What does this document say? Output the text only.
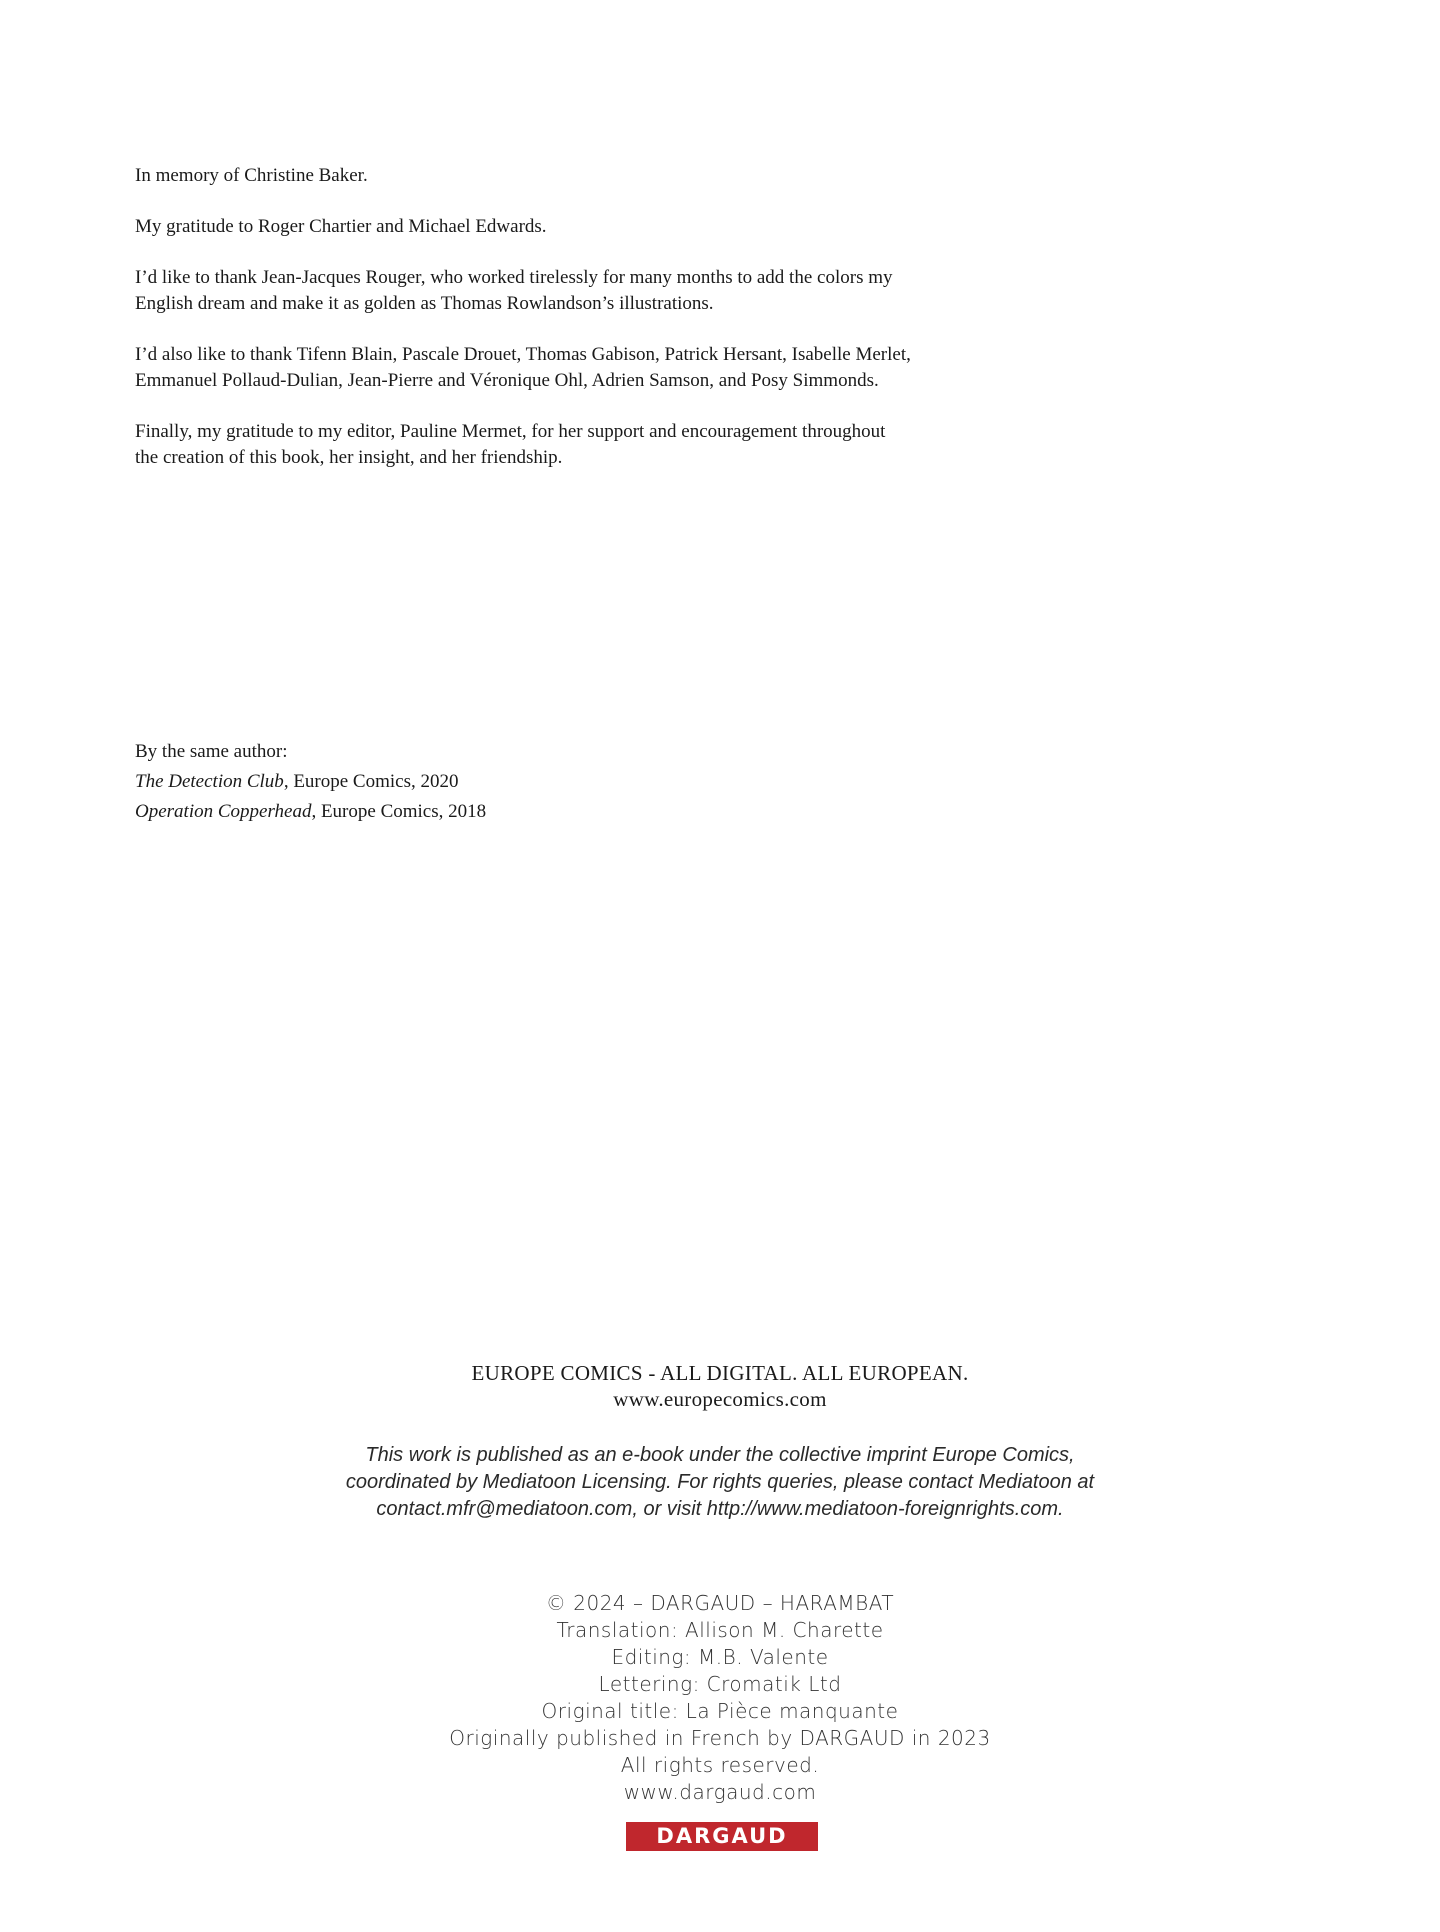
In memory of Christine Baker.

My gratitude to Roger Chartier and Michael Edwards.

I’d like to thank Jean-Jacques Rouger, who worked tirelessly for many months to add the colors my
English dream and make it as golden as Thomas Rowlandson’s illustrations.

I’d also like to thank Tifenn Blain, Pascale Drouet, Thomas Gabison, Patrick Hersant, Isabelle Merlet,
Emmanuel Pollaud-Dulian, Jean-Pierre and Véronique Ohl, Adrien Samson, and Posy Simmonds.

Finally, my gratitude to my editor, Pauline Mermet, for her support and encouragement throughout
the creation of this book, her insight, and her friendship.

By the same author:
The Detection Club, Europe Comics, 2020
Operation Copperhead, Europe Comics, 2018
EUROPE COMICS - ALL DIGITAL. ALL EUROPEAN.
www.europecomics.com
This work is published as an e-book under the collective imprint Europe Comics,
coordinated by Mediatoon Licensing. For rights queries, please contact Mediatoon at
contact.mfr@mediatoon.com, or visit http://www.mediatoon-foreignrights.com.
© 2024 – DARGAUD – HARAMBAT
Translation: Allison M. Charette
Editing: M.B. Valente
Lettering: Cromatik Ltd
Original title: La Pièce manquante
Originally published in French by DARGAUD in 2023
All rights reserved.
www.dargaud.com
DARGAUD
